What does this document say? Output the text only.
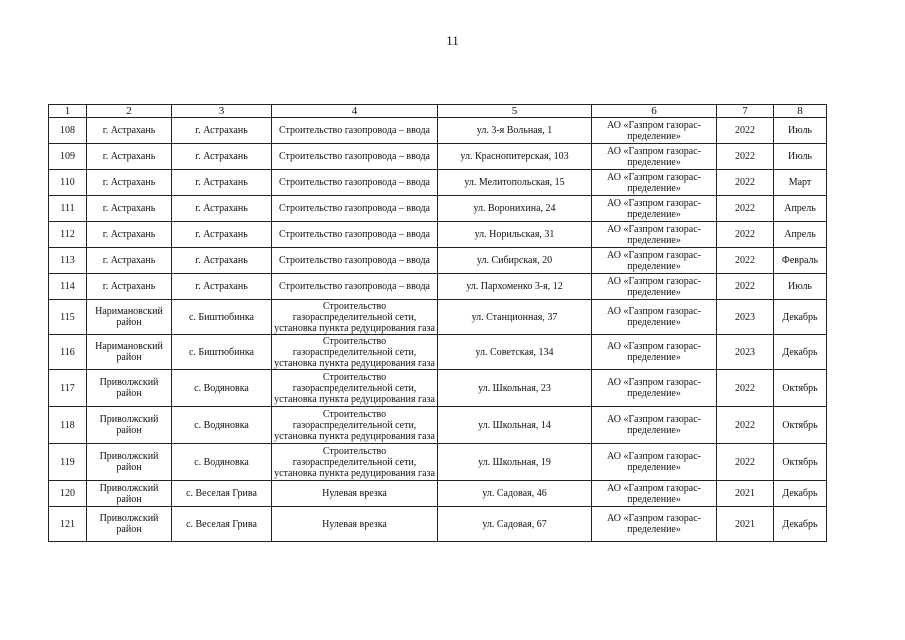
11
1	2	3	4	5	6	7	8
108	г. Астрахань	г. Астрахань	Строительство газопровода – ввода	ул. 3-я Вольная, 1	АО «Газпром газорас-пределение»	2022	Июль
109	г. Астрахань	г. Астрахань	Строительство газопровода – ввода	ул. Краснопитерская, 103	АО «Газпром газорас-пределение»	2022	Июль
110	г. Астрахань	г. Астрахань	Строительство газопровода – ввода	ул. Мелитопольская, 15	АО «Газпром газорас-пределение»	2022	Март
111	г. Астрахань	г. Астрахань	Строительство газопровода – ввода	ул. Воронихина, 24	АО «Газпром газорас-пределение»	2022	Апрель
112	г. Астрахань	г. Астрахань	Строительство газопровода – ввода	ул. Норильская, 31	АО «Газпром газорас-пределение»	2022	Апрель
113	г. Астрахань	г. Астрахань	Строительство газопровода – ввода	ул. Сибирская, 20	АО «Газпром газорас-пределение»	2022	Февраль
114	г. Астрахань	г. Астрахань	Строительство газопровода – ввода	ул. Пархоменко 3-я, 12	АО «Газпром газорас-пределение»	2022	Июль
115	Наримановский район	с. Биштюбинка	Строительство газораспределительной сети, установка пункта редуцирования газа	ул. Станционная, 37	АО «Газпром газорас-пределение»	2023	Декабрь
116	Наримановский район	с. Биштюбинка	Строительство газораспределительной сети, установка пункта редуцирования газа	ул. Советская, 134	АО «Газпром газорас-пределение»	2023	Декабрь
117	Приволжский район	с. Водяновка	Строительство газораспределительной сети, установка пункта редуцирования газа	ул. Школьная, 23	АО «Газпром газорас-пределение»	2022	Октябрь
118	Приволжский район	с. Водяновка	Строительство газораспределительной сети, установка пункта редуцирования газа	ул. Школьная, 14	АО «Газпром газорас-пределение»	2022	Октябрь
119	Приволжский район	с. Водяновка	Строительство газораспределительной сети, установка пункта редуцирования газа	ул. Школьная, 19	АО «Газпром газорас-пределение»	2022	Октябрь
120	Приволжский район	с. Веселая Грива	Нулевая врезка	ул. Садовая, 46	АО «Газпром газорас-пределение»	2021	Декабрь
121	Приволжский район	с. Веселая Грива	Нулевая врезка	ул. Садовая, 67	АО «Газпром газорас-пределение»	2021	Декабрь
